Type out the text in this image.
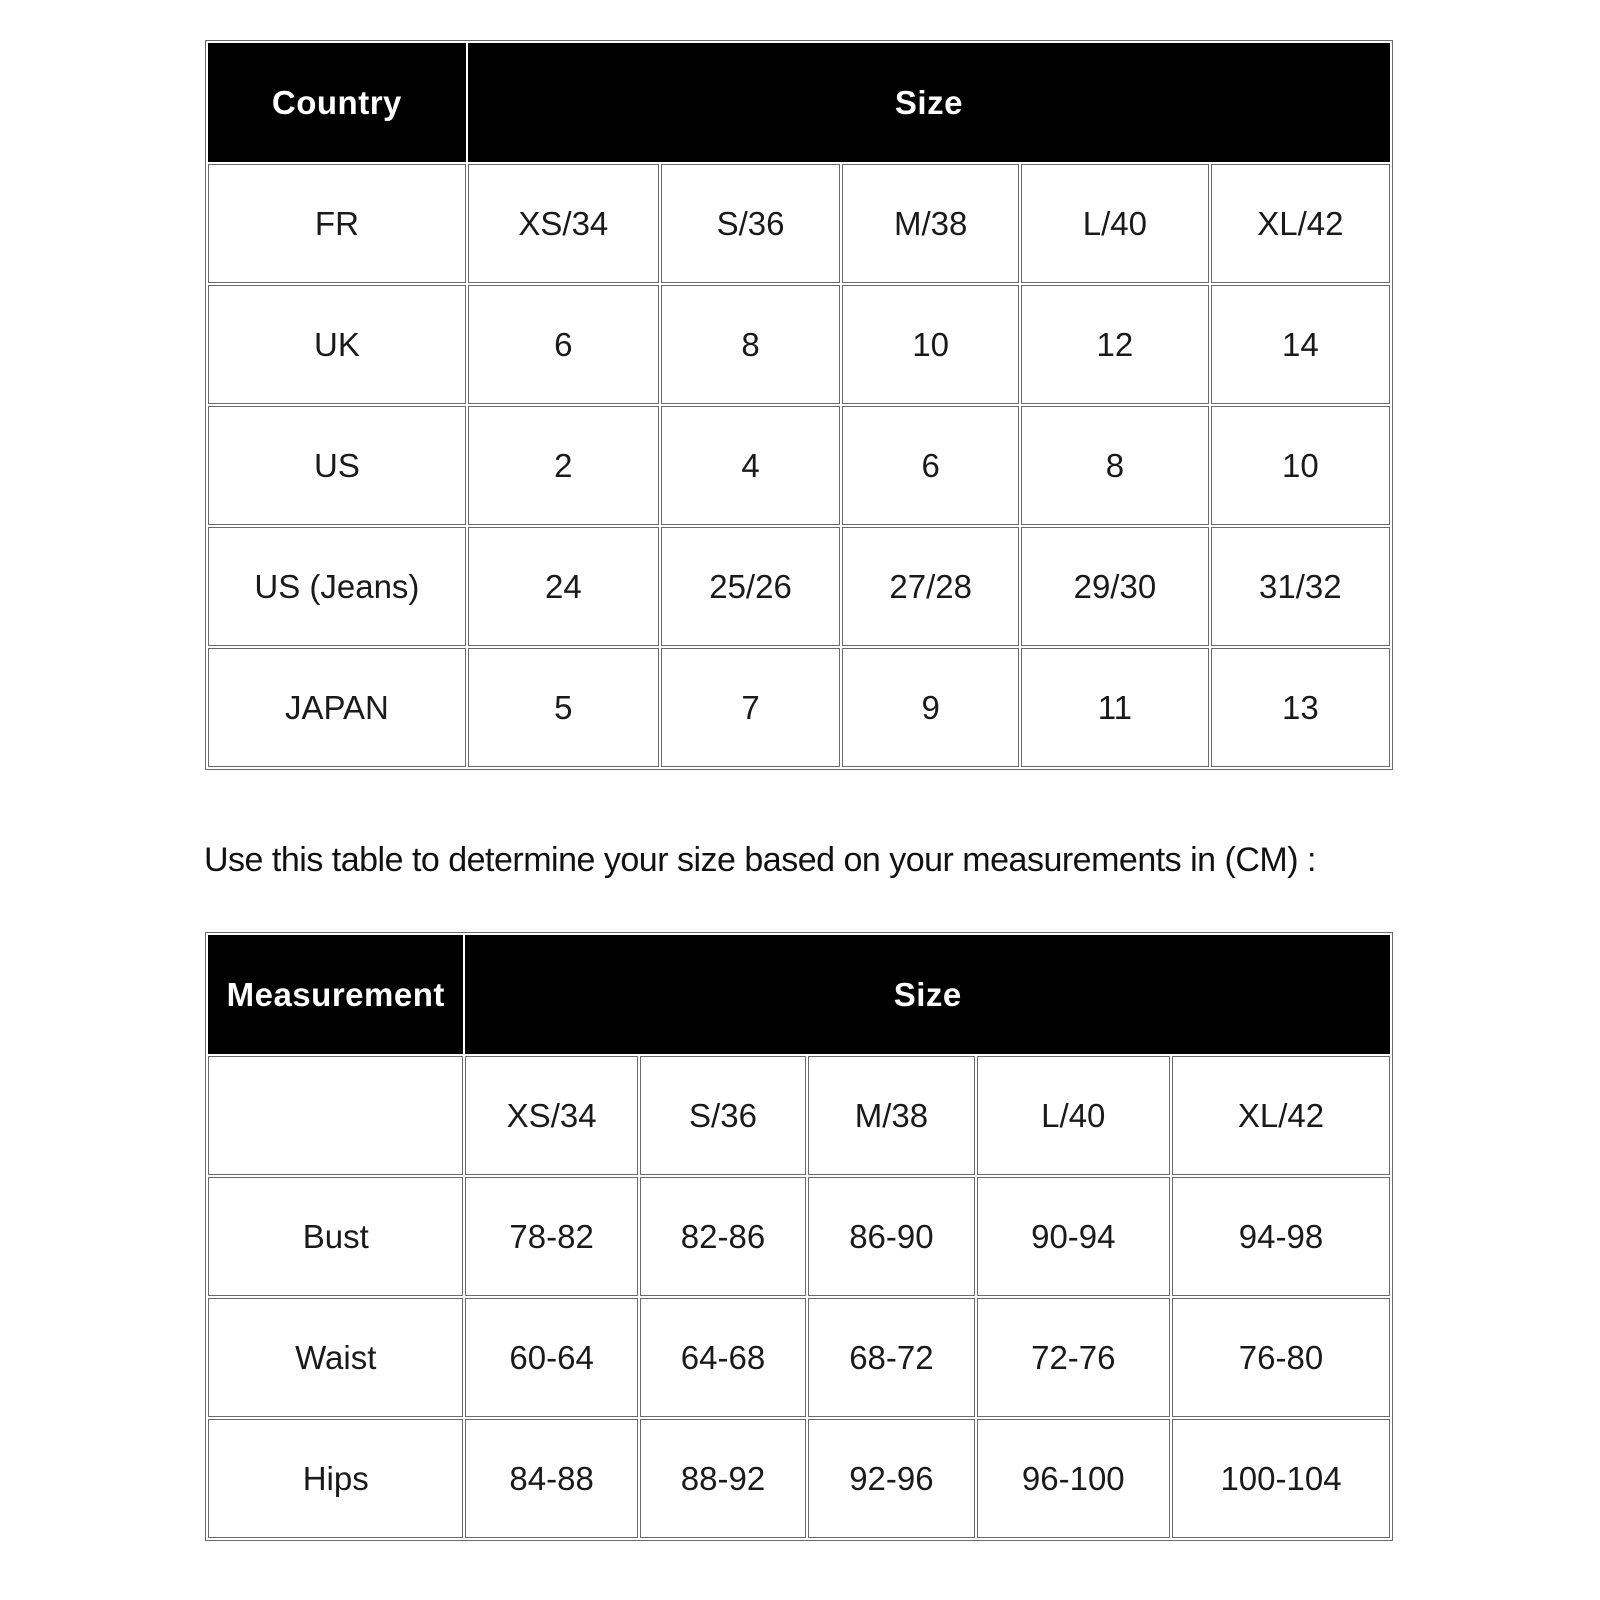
Country	Size				
FR	XS/34	S/36	M/38	L/40	XL/42
UK	6	8	10	12	14
US	2	4	6	8	10
US (Jeans)	24	25/26	27/28	29/30	31/32
JAPAN	5	7	9	11	13
Use this table to determine your size based on your measurements in (CM) :
Measurement	Size				
	XS/34	S/36	M/38	L/40	XL/42
Bust	78-82	82-86	86-90	90-94	94-98
Waist	60-64	64-68	68-72	72-76	76-80
Hips	84-88	88-92	92-96	96-100	100-104
